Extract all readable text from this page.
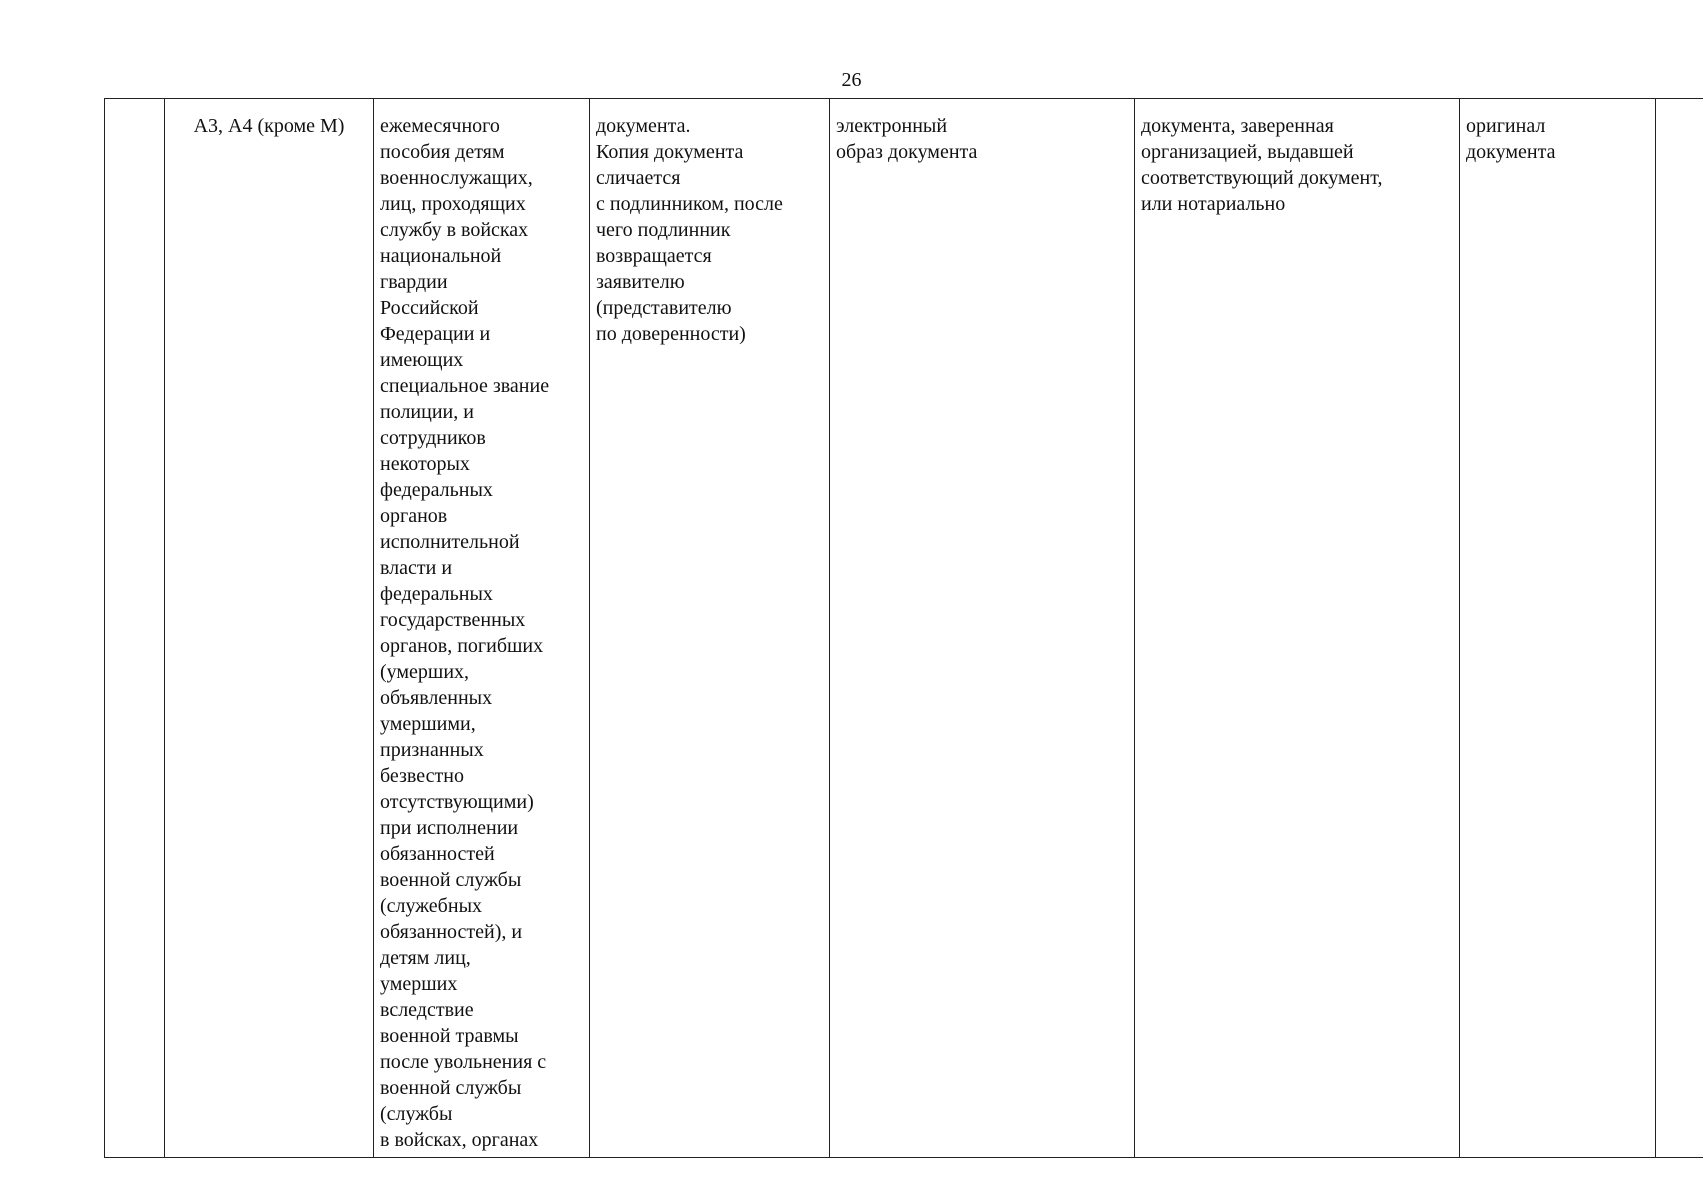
26
	А3, А4 (кроме М)	ежемесячного
пособия детям
военнослужащих,
лиц, проходящих
службу в войсках
национальной
гвардии
Российской
Федерации и
имеющих
специальное звание
полиции, и
сотрудников
некоторых
федеральных
органов
исполнительной
власти и
федеральных
государственных
органов, погибших
(умерших,
объявленных
умершими,
признанных
безвестно
отсутствующими)
при исполнении
обязанностей
военной службы
(служебных
обязанностей), и
детям лиц,
умерших
вследствие
военной травмы
после увольнения с
военной службы
(службы
в войсках, органах	документа.
Копия документа
сличается
с подлинником, после
чего подлинник
возвращается
заявителю
(представителю
по доверенности)	электронный
образ документа	документа, заверенная
организацией, выдавшей
соответствующий документ,
или нотариально	оригинал
документа	
